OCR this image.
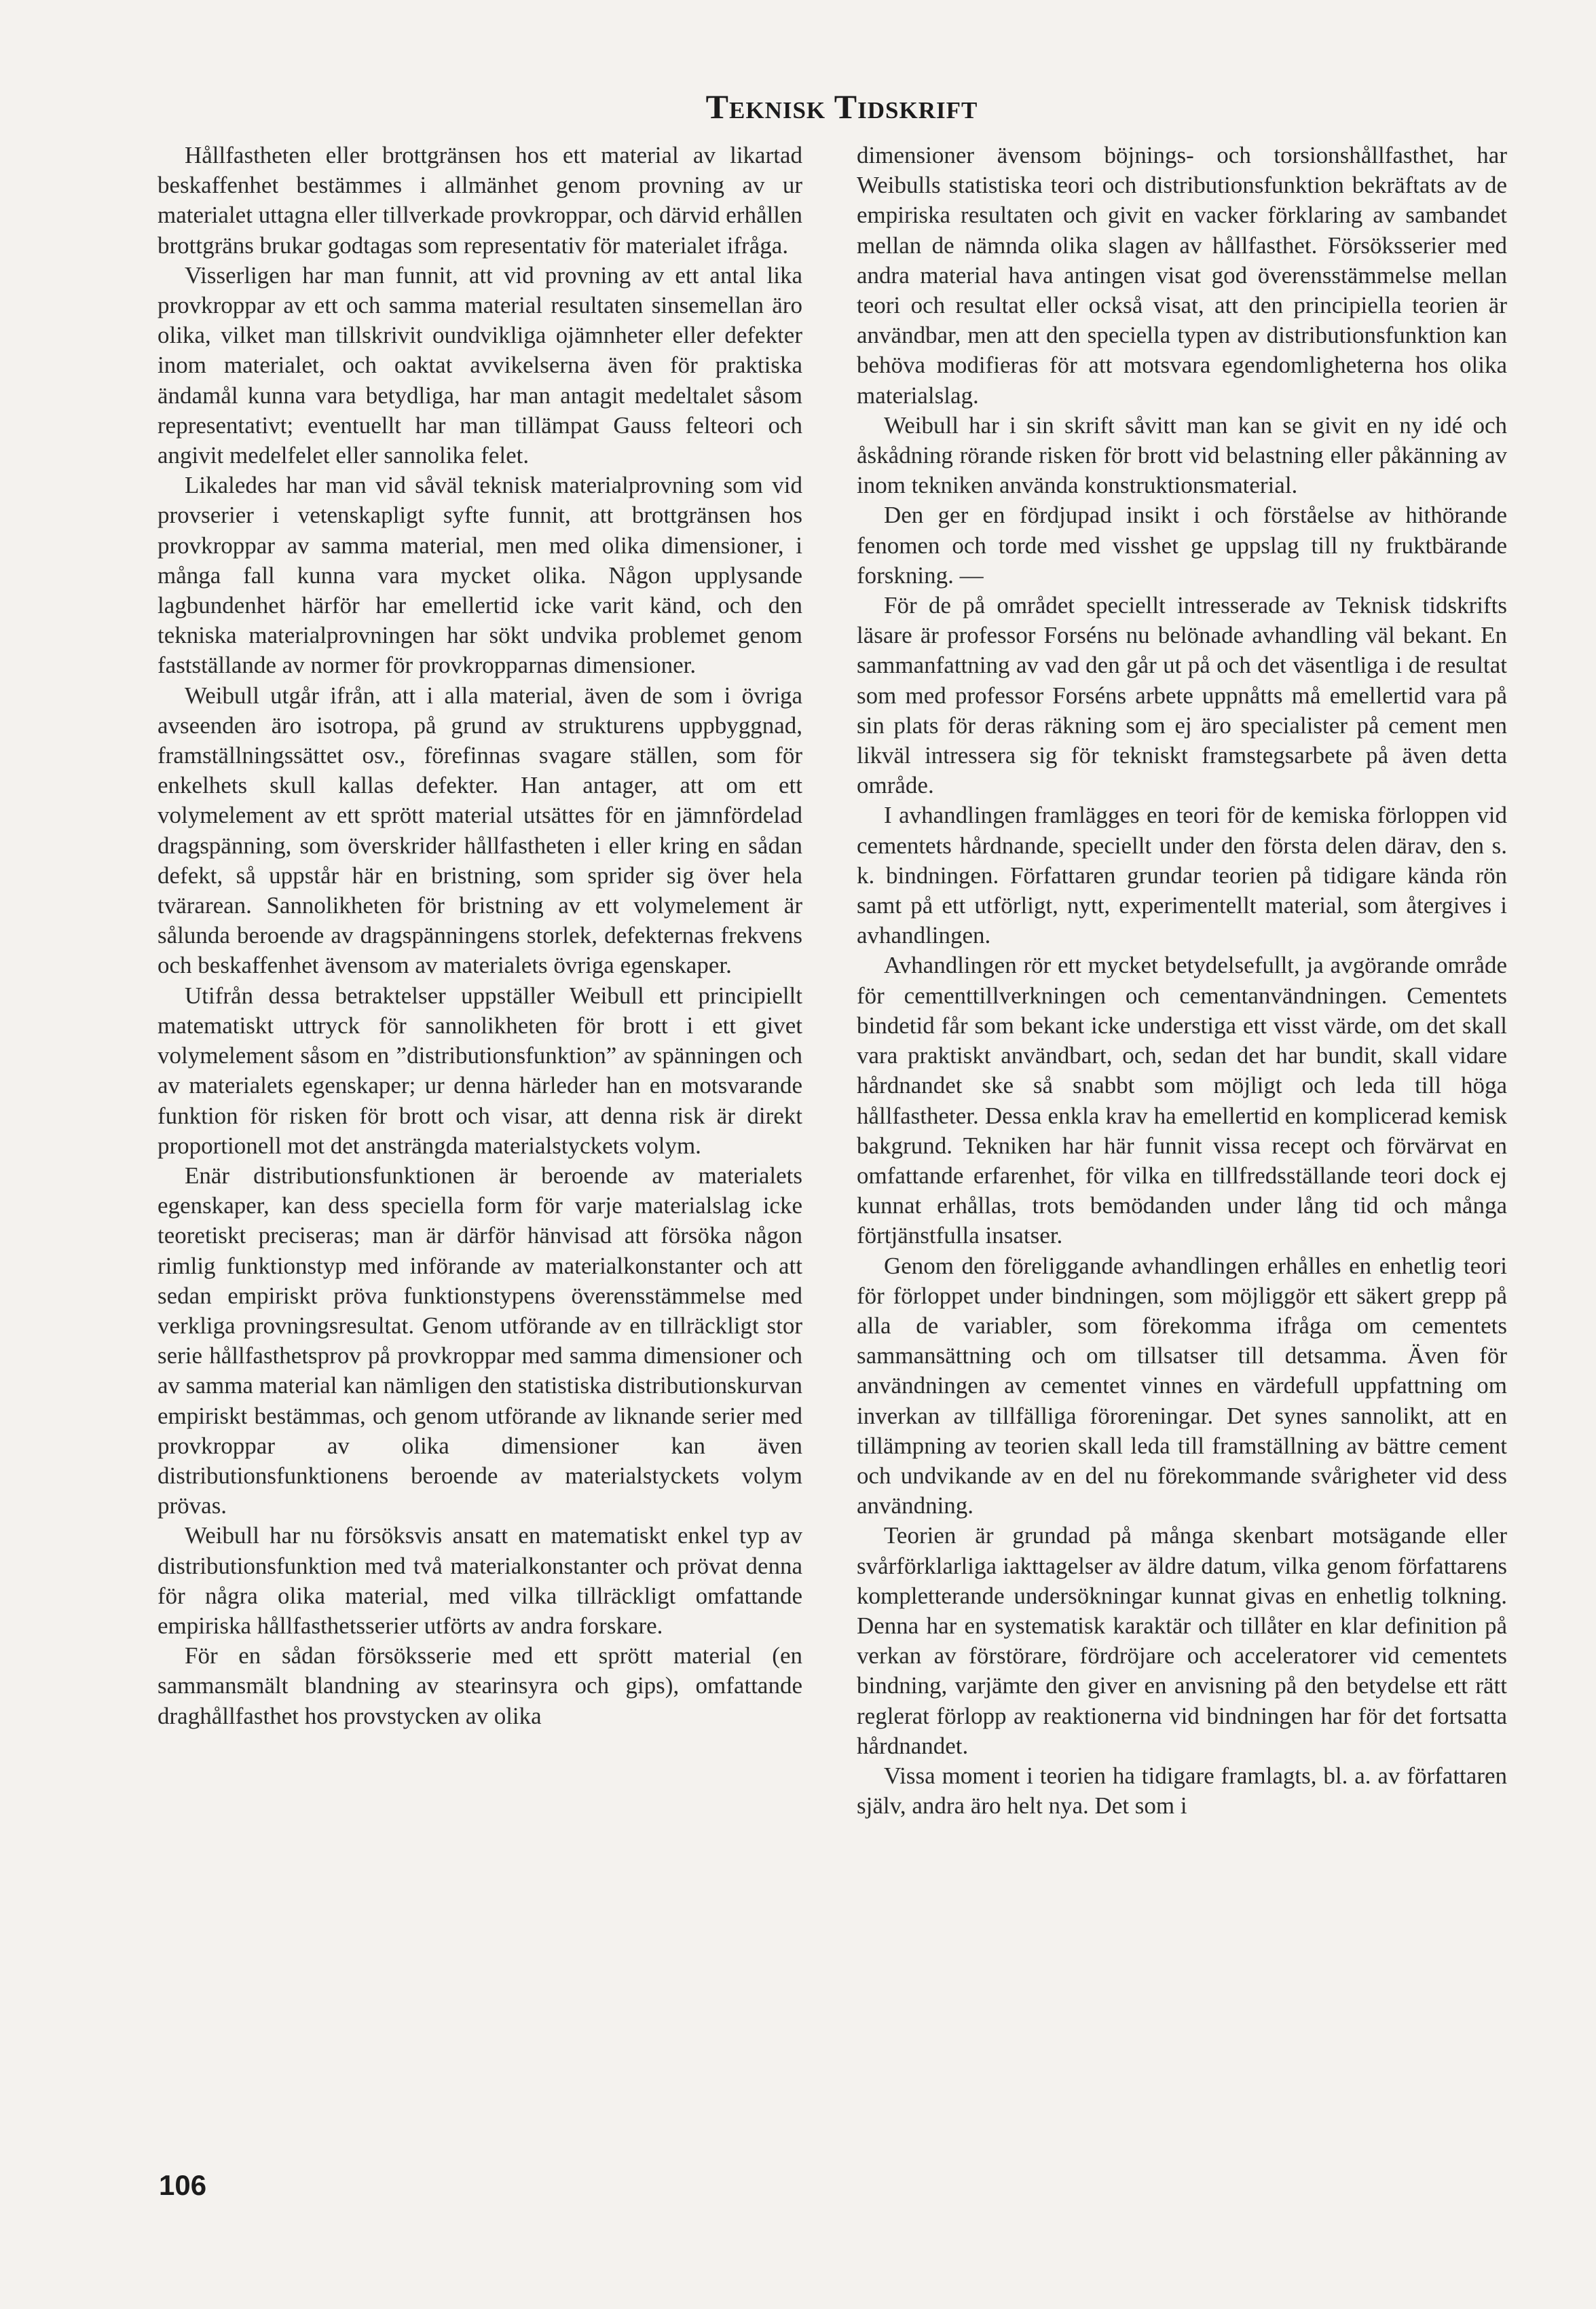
Teknisk Tidskrift

Hållfastheten eller brottgränsen hos ett material av likartad beskaffenhet bestämmes i allmänhet genom provning av ur materialet uttagna eller tillverkade provkroppar, och därvid erhållen brottgräns brukar godtagas som representativ för materialet ifråga.

Visserligen har man funnit, att vid provning av ett antal lika provkroppar av ett och samma material resultaten sinsemellan äro olika, vilket man tillskrivit oundvikliga ojämnheter eller defekter inom materialet, och oaktat avvikelserna även för praktiska ändamål kunna vara betydliga, har man antagit medeltalet såsom representativt; eventuellt har man tillämpat Gauss felteori och angivit medelfelet eller sannolika felet.

Likaledes har man vid såväl teknisk materialprovning som vid provserier i vetenskapligt syfte funnit, att brottgränsen hos provkroppar av samma material, men med olika dimensioner, i många fall kunna vara mycket olika. Någon upplysande lagbundenhet härför har emellertid icke varit känd, och den tekniska materialprovningen har sökt undvika problemet genom fastställande av normer för provkropparnas dimensioner.

Weibull utgår ifrån, att i alla material, även de som i övriga avseenden äro isotropa, på grund av strukturens uppbyggnad, framställningssättet osv., förefinnas svagare ställen, som för enkelhets skull kallas defekter. Han antager, att om ett volymelement av ett sprött material utsättes för en jämnfördelad dragspänning, som överskrider hållfastheten i eller kring en sådan defekt, så uppstår här en bristning, som sprider sig över hela tvärarean. Sannolikheten för bristning av ett volymelement är sålunda beroende av dragspänningens storlek, defekternas frekvens och beskaffenhet ävensom av materialets övriga egenskaper.

Utifrån dessa betraktelser uppställer Weibull ett principiellt matematiskt uttryck för sannolikheten för brott i ett givet volymelement såsom en ”distributionsfunktion” av spänningen och av materialets egenskaper; ur denna härleder han en motsvarande funktion för risken för brott och visar, att denna risk är direkt proportionell mot det ansträngda materialstyckets volym.

Enär distributionsfunktionen är beroende av materialets egenskaper, kan dess speciella form för varje materialslag icke teoretiskt preciseras; man är därför hänvisad att försöka någon rimlig funktionstyp med införande av materialkonstanter och att sedan empiriskt pröva funktionstypens överensstämmelse med verkliga provningsresultat. Genom utförande av en tillräckligt stor serie hållfasthetsprov på provkroppar med samma dimensioner och av samma material kan nämligen den statistiska distributionskurvan empiriskt bestämmas, och genom utförande av liknande serier med provkroppar av olika dimensioner kan även distributionsfunktionens beroende av materialstyckets volym prövas.

Weibull har nu försöksvis ansatt en matematiskt enkel typ av distributionsfunktion med två materialkonstanter och prövat denna för några olika material, med vilka tillräckligt omfattande empiriska hållfasthetsserier utförts av andra forskare.

För en sådan försöksserie med ett sprött material (en sammansmält blandning av stearinsyra och gips), omfattande draghållfasthet hos provstycken av olika

dimensioner ävensom böjnings- och torsionshållfasthet, har Weibulls statistiska teori och distributionsfunktion bekräftats av de empiriska resultaten och givit en vacker förklaring av sambandet mellan de nämnda olika slagen av hållfasthet. Försöksserier med andra material hava antingen visat god överensstämmelse mellan teori och resultat eller också visat, att den principiella teorien är användbar, men att den speciella typen av distributionsfunktion kan behöva modifieras för att motsvara egendomligheterna hos olika materialslag.

Weibull har i sin skrift såvitt man kan se givit en ny idé och åskådning rörande risken för brott vid belastning eller påkänning av inom tekniken använda konstruktionsmaterial.

Den ger en fördjupad insikt i och förståelse av hithörande fenomen och torde med visshet ge uppslag till ny fruktbärande forskning. —

För de på området speciellt intresserade av Teknisk tidskrifts läsare är professor Forséns nu belönade avhandling väl bekant. En sammanfattning av vad den går ut på och det väsentliga i de resultat som med professor Forséns arbete uppnåtts må emellertid vara på sin plats för deras räkning som ej äro specialister på cement men likväl intressera sig för tekniskt framstegsarbete på även detta område.

I avhandlingen framlägges en teori för de kemiska förloppen vid cementets hårdnande, speciellt under den första delen därav, den s. k. bindningen. Författaren grundar teorien på tidigare kända rön samt på ett utförligt, nytt, experimentellt material, som återgives i avhandlingen.

Avhandlingen rör ett mycket betydelsefullt, ja avgörande område för cementtillverkningen och cementanvändningen. Cementets bindetid får som bekant icke understiga ett visst värde, om det skall vara praktiskt användbart, och, sedan det har bundit, skall vidare hårdnandet ske så snabbt som möjligt och leda till höga hållfastheter. Dessa enkla krav ha emellertid en komplicerad kemisk bakgrund. Tekniken har här funnit vissa recept och förvärvat en omfattande erfarenhet, för vilka en tillfredsställande teori dock ej kunnat erhållas, trots bemödanden under lång tid och många förtjänstfulla insatser.

Genom den föreliggande avhandlingen erhålles en enhetlig teori för förloppet under bindningen, som möjliggör ett säkert grepp på alla de variabler, som förekomma ifråga om cementets sammansättning och om tillsatser till detsamma. Även för användningen av cementet vinnes en värdefull uppfattning om inverkan av tillfälliga föroreningar. Det synes sannolikt, att en tillämpning av teorien skall leda till framställning av bättre cement och undvikande av en del nu förekommande svårigheter vid dess användning.

Teorien är grundad på många skenbart motsägande eller svårförklarliga iakttagelser av äldre datum, vilka genom författarens kompletterande undersökningar kunnat givas en enhetlig tolkning. Denna har en systematisk karaktär och tillåter en klar definition på verkan av förstörare, fördröjare och acceleratorer vid cementets bindning, varjämte den giver en anvisning på den betydelse ett rätt reglerat förlopp av reaktionerna vid bindningen har för det fortsatta hårdnandet.

Vissa moment i teorien ha tidigare framlagts, bl. a. av författaren själv, andra äro helt nya. Det som i

106
